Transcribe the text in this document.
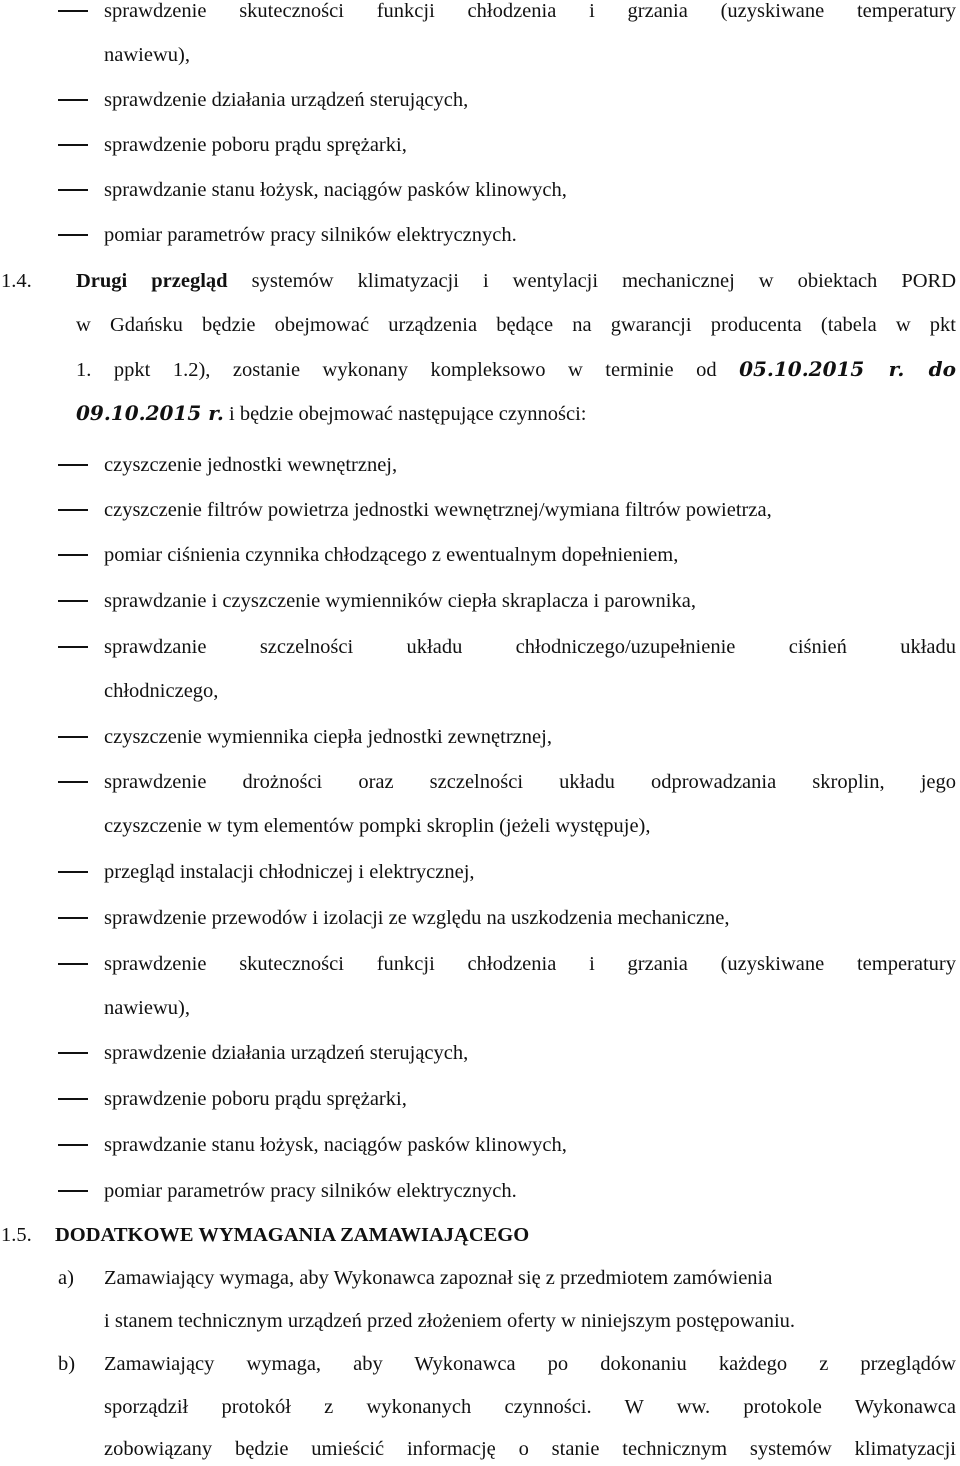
sprawdzenie skuteczności funkcji chłodzenia i grzania (uzyskiwane temperatury
nawiewu),
sprawdzenie działania urządzeń sterujących,
sprawdzenie poboru prądu sprężarki,
sprawdzanie stanu łożysk, naciągów pasków klinowych,
pomiar parametrów pracy silników elektrycznych.
1.4. Drugi przegląd systemów klimatyzacji i wentylacji mechanicznej w obiektach PORD
w Gdańsku będzie obejmować urządzenia będące na gwarancji producenta (tabela w pkt
1. ppkt 1.2), zostanie wykonany kompleksowo w terminie od 05.10.2015 r. do
09.10.2015 r. i będzie obejmować następujące czynności:
czyszczenie jednostki wewnętrznej,
czyszczenie filtrów powietrza jednostki wewnętrznej/wymiana filtrów powietrza,
pomiar ciśnienia czynnika chłodzącego z ewentualnym dopełnieniem,
sprawdzanie i czyszczenie wymienników ciepła skraplacza i parownika,
sprawdzanie szczelności układu chłodniczego/uzupełnienie ciśnień układu
chłodniczego,
czyszczenie wymiennika ciepła jednostki zewnętrznej,
sprawdzenie drożności oraz szczelności układu odprowadzania skroplin, jego
czyszczenie w tym elementów pompki skroplin (jeżeli występuje),
przegląd instalacji chłodniczej i elektrycznej,
sprawdzenie przewodów i izolacji ze względu na uszkodzenia mechaniczne,
sprawdzenie skuteczności funkcji chłodzenia i grzania (uzyskiwane temperatury
nawiewu),
sprawdzenie działania urządzeń sterujących,
sprawdzenie poboru prądu sprężarki,
sprawdzanie stanu łożysk, naciągów pasków klinowych,
pomiar parametrów pracy silników elektrycznych.
1.5. DODATKOWE WYMAGANIA ZAMAWIAJĄCEGO
a) Zamawiający wymaga, aby Wykonawca zapoznał się z przedmiotem zamówienia
i stanem technicznym urządzeń przed złożeniem oferty w niniejszym postępowaniu.
b) Zamawiający wymaga, aby Wykonawca po dokonaniu każdego z przeglądów
sporządził protokół z wykonanych czynności. W ww. protokole Wykonawca
zobowiązany będzie umieścić informację o stanie technicznym systemów klimatyzacji
